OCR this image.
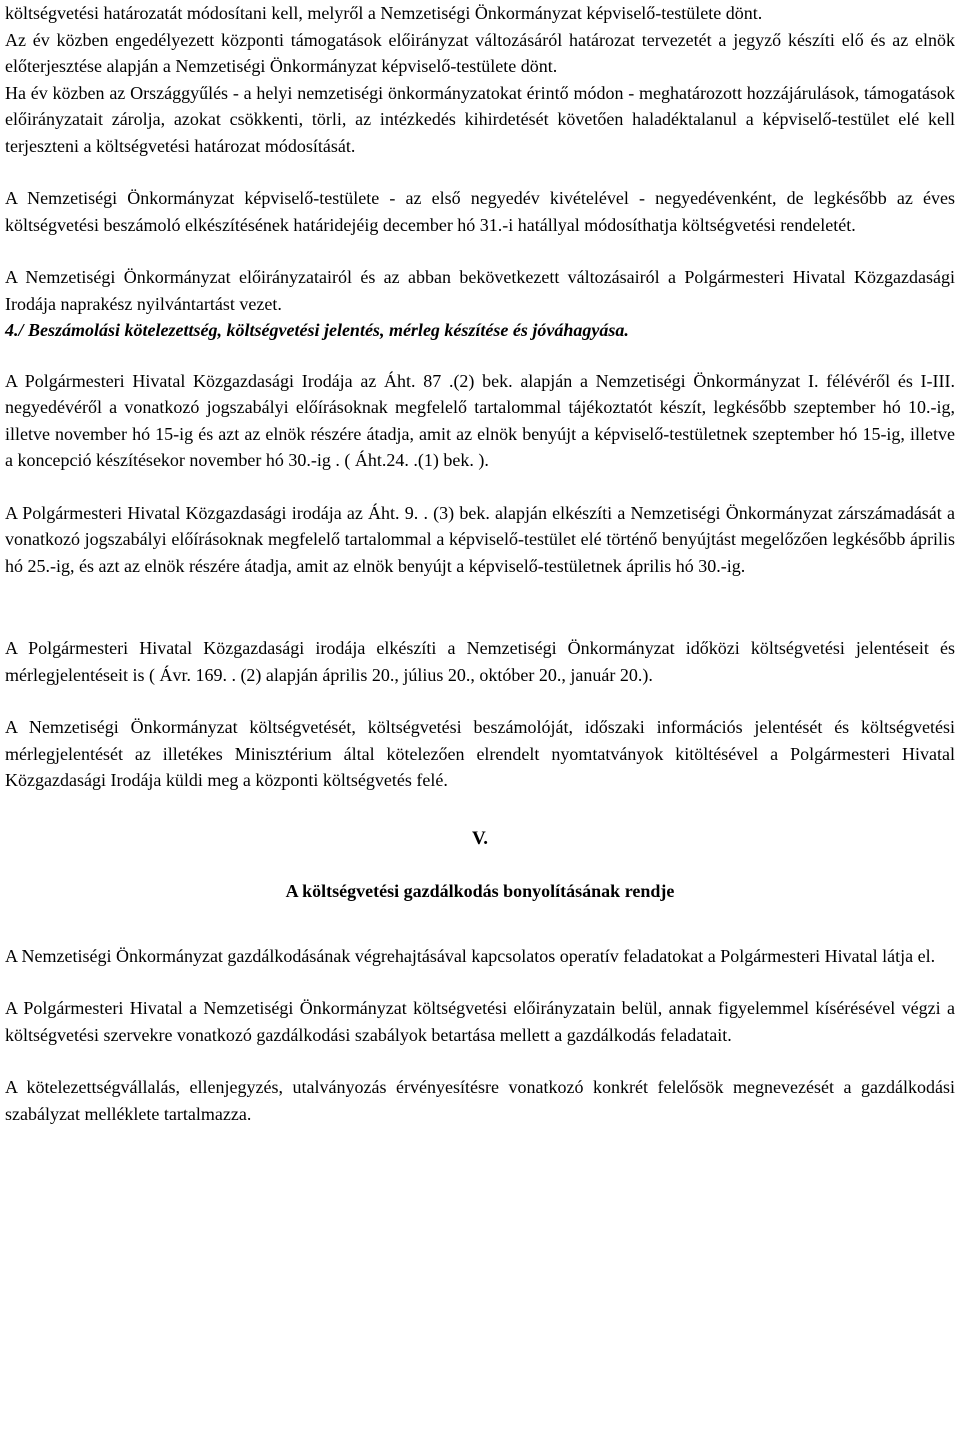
költségvetési határozatát módosítani kell, melyről a Nemzetiségi Önkormányzat képviselő-testülete dönt.

Az év közben engedélyezett központi támogatások előirányzat változásáról határozat tervezetét a jegyző készíti elő és az elnök előterjesztése alapján a Nemzetiségi Önkormányzat képviselő-testülete dönt.

Ha év közben az Országgyűlés - a helyi nemzetiségi önkormányzatokat érintő módon - meghatározott hozzájárulások, támogatások előirányzatait zárolja, azokat csökkenti, törli, az intézkedés kihirdetését követően haladéktalanul a képviselő-testület elé kell terjeszteni a költségvetési határozat módosítását.

A Nemzetiségi Önkormányzat képviselő-testülete - az első negyedév kivételével - negyedévenként, de legkésőbb az éves költségvetési beszámoló elkészítésének határidejéig december hó 31.-i hatállyal módosíthatja költségvetési rendeletét.

A Nemzetiségi Önkormányzat előirányzatairól és az abban bekövetkezett változásairól a Polgármesteri Hivatal Közgazdasági Irodája naprakész nyilvántartást vezet.

4./ Beszámolási kötelezettség, költségvetési jelentés, mérleg készítése és jóváhagyása.

A Polgármesteri Hivatal Közgazdasági Irodája az Áht. 87 .(2) bek. alapján a Nemzetiségi Önkormányzat I. félévéről és I-III. negyedévéről a vonatkozó jogszabályi előírásoknak megfelelő tartalommal tájékoztatót készít, legkésőbb szeptember hó 10.-ig, illetve november hó 15-ig és azt az elnök részére átadja, amit az elnök benyújt a képviselő-testületnek szeptember hó 15-ig, illetve a koncepció készítésekor november hó 30.-ig . ( Áht.24. .(1) bek. ).

A Polgármesteri Hivatal Közgazdasági irodája az Áht. 9. . (3) bek. alapján elkészíti a Nemzetiségi Önkormányzat zárszámadását a vonatkozó jogszabályi előírásoknak megfelelő tartalommal a képviselő-testület elé történő benyújtást megelőzően legkésőbb április hó 25.-ig, és azt az elnök részére átadja, amit az elnök benyújt a képviselő-testületnek április hó 30.-ig.

A Polgármesteri Hivatal Közgazdasági irodája elkészíti a Nemzetiségi Önkormányzat időközi költségvetési jelentéseit és mérlegjelentéseit is ( Ávr. 169. . (2) alapján április 20., július 20., október 20., január 20.).

A Nemzetiségi Önkormányzat költségvetését, költségvetési beszámolóját, időszaki információs jelentését és költségvetési mérlegjelentését az illetékes Minisztérium által kötelezően elrendelt nyomtatványok kitöltésével a Polgármesteri Hivatal Közgazdasági Irodája küldi meg a központi költségvetés felé.

V.

A költségvetési gazdálkodás bonyolításának rendje

A Nemzetiségi Önkormányzat gazdálkodásának végrehajtásával kapcsolatos operatív feladatokat a Polgármesteri Hivatal látja el.

A Polgármesteri Hivatal a Nemzetiségi Önkormányzat költségvetési előirányzatain belül, annak figyelemmel kísérésével végzi a költségvetési szervekre vonatkozó gazdálkodási szabályok betartása mellett a gazdálkodás feladatait.

A kötelezettségvállalás, ellenjegyzés, utalványozás érvényesítésre vonatkozó konkrét felelősök megnevezését a gazdálkodási szabályzat melléklete tartalmazza.
